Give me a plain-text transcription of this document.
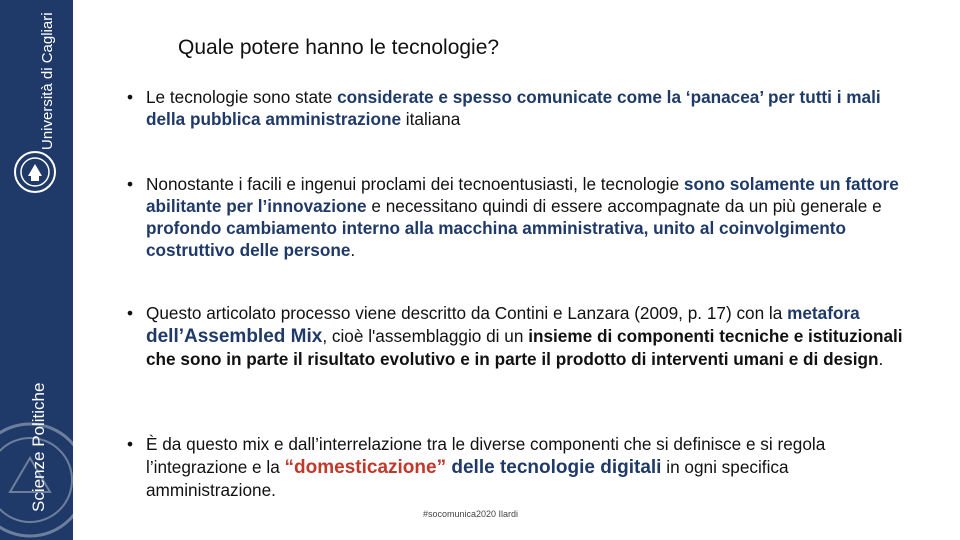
Università di Cagliari
Scienze Politiche
Quale potere hanno le tecnologie?
• Le tecnologie sono state considerate e spesso comunicate come la ‘panacea’ per tutti i mali della pubblica amministrazione italiana
• Nonostante i facili e ingenui proclami dei tecnoentusiasti, le tecnologie sono solamente un fattore abilitante per l’innovazione e necessitano quindi di essere accompagnate da un più generale e profondo cambiamento interno alla macchina amministrativa, unito al coinvolgimento costruttivo delle persone.
• Questo articolato processo viene descritto da Contini e Lanzara (2009, p. 17) con la metafora dell’Assembled Mix, cioè l'assemblaggio di un insieme di componenti tecniche e istituzionali che sono in parte il risultato evolutivo e in parte il prodotto di interventi umani e di design.
• È da questo mix e dall’interrelazione tra le diverse componenti che si definisce e si regola l’integrazione e la “domesticazione” delle tecnologie digitali in ogni specifica amministrazione.
#socomunica2020 Ilardi
